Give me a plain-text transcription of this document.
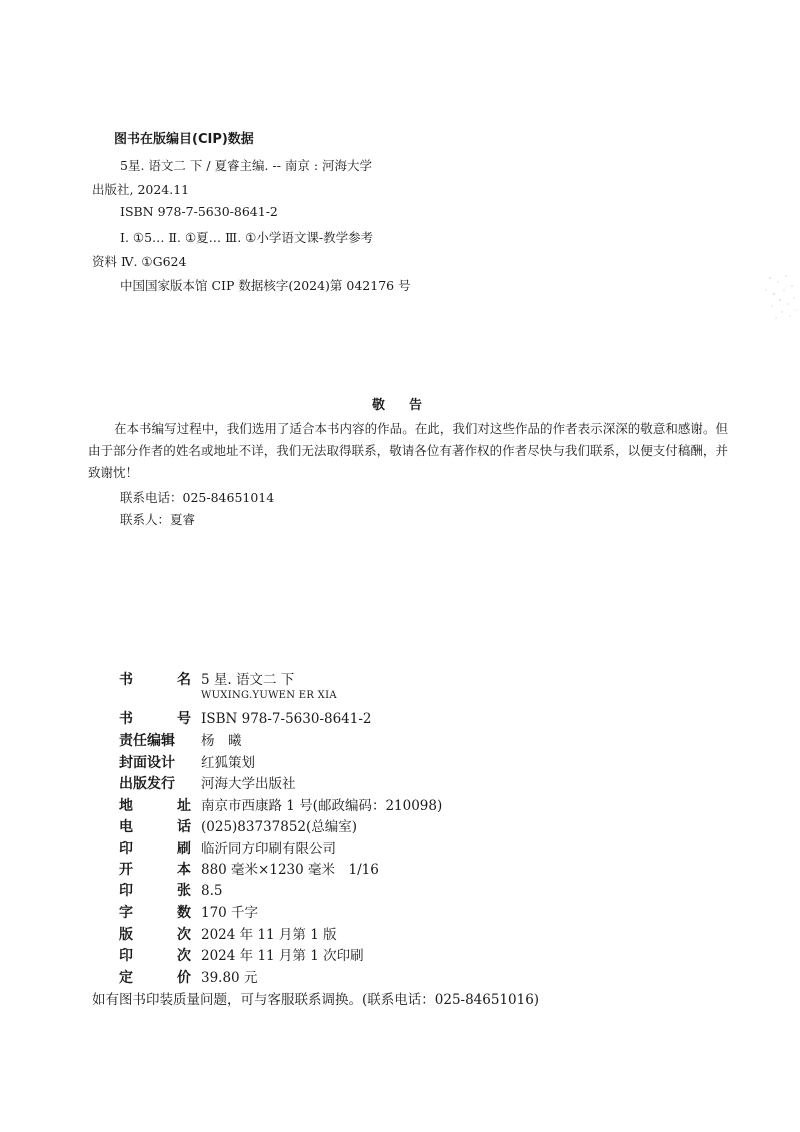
图书在版编目(CIP)数据
5星. 语文二 下 / 夏睿主编. -- 南京 : 河海大学
出版社, 2024.11
ISBN 978-7-5630-8641-2
Ⅰ. ①5… Ⅱ. ①夏… Ⅲ. ①小学语文课-教学参考
资料 Ⅳ. ①G624
中国国家版本馆 CIP 数据核字(2024)第 042176 号
敬告
在本书编写过程中，我们选用了适合本书内容的作品。在此，我们对这些作品的作者表示深深的敬意和感谢。但由于部分作者的姓名或地址不详，我们无法取得联系，敬请各位有著作权的作者尽快与我们联系，以便支付稿酬，并致谢忱！
联系电话：025-84651014
联系人：夏睿
书	名 5 星. 语文二 下
WUXING.YUWEN ER XIA
书	号 ISBN 978-7-5630-8641-2
责任编辑 杨　曦
封面设计 红狐策划
出版发行 河海大学出版社
地	址 南京市西康路 1 号(邮政编码：210098)
电	话 (025)83737852(总编室)
印	刷 临沂同方印刷有限公司
开	本 880 毫米×1230 毫米　1/16
印	张 8.5
字	数 170 千字
版	次 2024 年 11 月第 1 版
印	次 2024 年 11 月第 1 次印刷
定	价 39.80 元
如有图书印装质量问题，可与客服联系调换。(联系电话：025-84651016)
